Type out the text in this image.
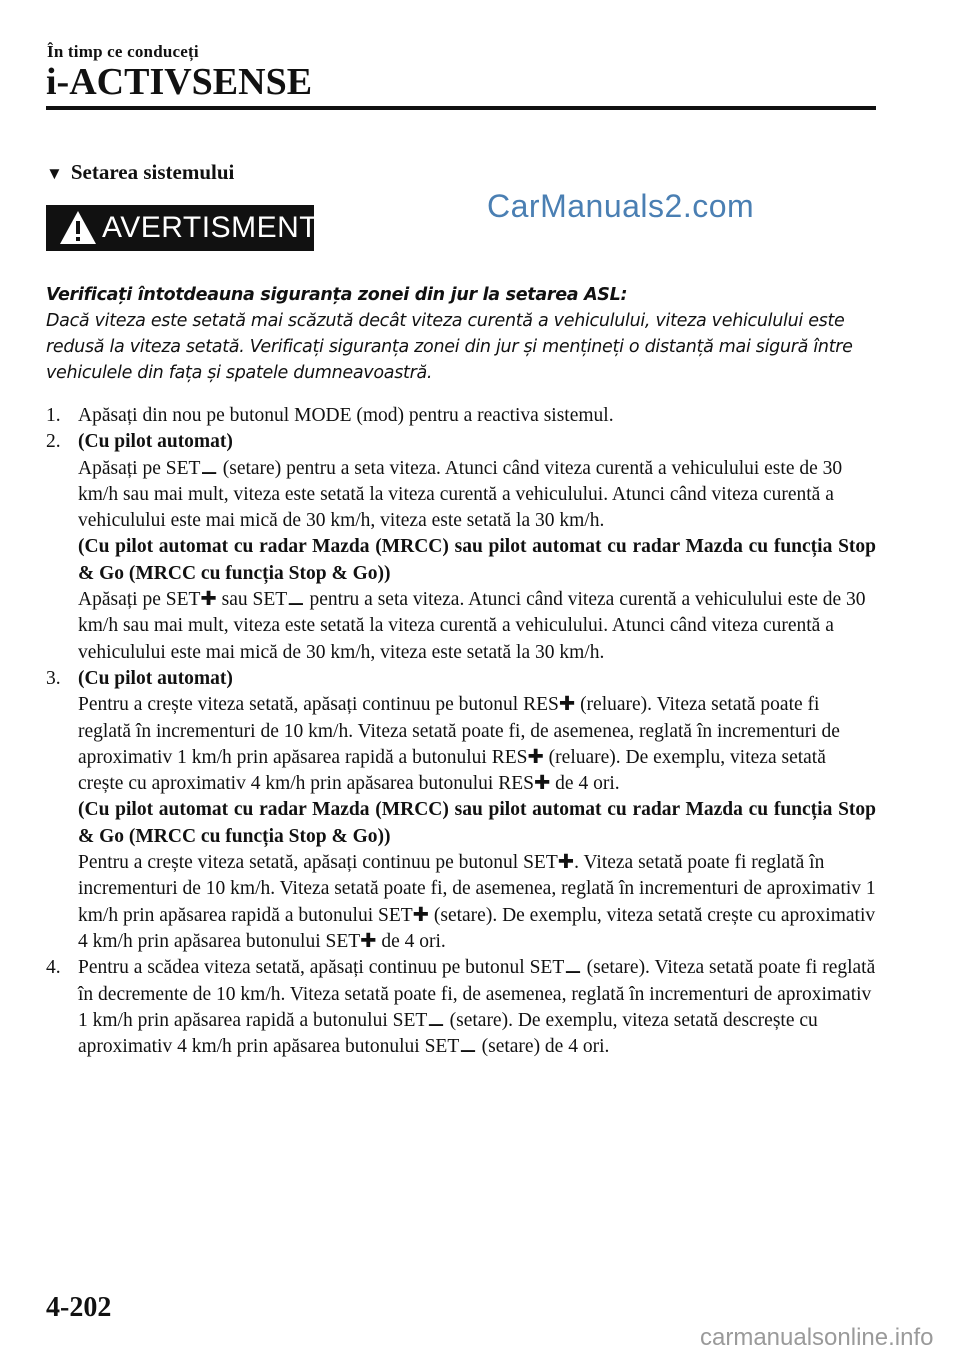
În timp ce conduceți
i-ACTIVSENSE
▼ Setarea sistemului
AVERTISMENT
CarManuals2.com
Verificați întotdeauna siguranța zonei din jur la setarea ASL:
Dacă viteza este setată mai scăzută decât viteza curentă a vehiculului, viteza vehiculului este redusă la viteza setată. Verificați siguranța zonei din jur și mențineți o distanță mai sigură între vehiculele din fața și spatele dumneavoastră.
1. Apăsați din nou pe butonul MODE (mod) pentru a reactiva sistemul.
2. (Cu pilot automat)
Apăsați pe SET⚊ (setare) pentru a seta viteza. Atunci când viteza curentă a vehiculului este de 30 km/h sau mai mult, viteza este setată la viteza curentă a vehiculului. Atunci când viteza curentă a vehiculului este mai mică de 30 km/h, viteza este setată la 30 km/h.
(Cu pilot automat cu radar Mazda (MRCC) sau pilot automat cu radar Mazda cu funcția Stop & Go (MRCC cu funcția Stop & Go))
Apăsați pe SET✚ sau SET⚊ pentru a seta viteza. Atunci când viteza curentă a vehiculului este de 30 km/h sau mai mult, viteza este setată la viteza curentă a vehiculului. Atunci când viteza curentă a vehiculului este mai mică de 30 km/h, viteza este setată la 30 km/h.
3. (Cu pilot automat)
Pentru a crește viteza setată, apăsați continuu pe butonul RES✚ (reluare). Viteza setată poate fi reglată în incrementuri de 10 km/h. Viteza setată poate fi, de asemenea, reglată în incrementuri de aproximativ 1 km/h prin apăsarea rapidă a butonului RES✚ (reluare). De exemplu, viteza setată crește cu aproximativ 4 km/h prin apăsarea butonului RES✚ de 4 ori.
(Cu pilot automat cu radar Mazda (MRCC) sau pilot automat cu radar Mazda cu funcția Stop & Go (MRCC cu funcția Stop & Go))
Pentru a crește viteza setată, apăsați continuu pe butonul SET✚. Viteza setată poate fi reglată în incrementuri de 10 km/h. Viteza setată poate fi, de asemenea, reglată în incrementuri de aproximativ 1 km/h prin apăsarea rapidă a butonului SET✚ (setare). De exemplu, viteza setată crește cu aproximativ 4 km/h prin apăsarea butonului SET✚ de 4 ori.
4. Pentru a scădea viteza setată, apăsați continuu pe butonul SET⚊ (setare). Viteza setată poate fi reglată în decremente de 10 km/h. Viteza setată poate fi, de asemenea, reglată în incrementuri de aproximativ 1 km/h prin apăsarea rapidă a butonului SET⚊ (setare). De exemplu, viteza setată descrește cu aproximativ 4 km/h prin apăsarea butonului SET⚊ (setare) de 4 ori.
4-202
carmanualsonline.info
